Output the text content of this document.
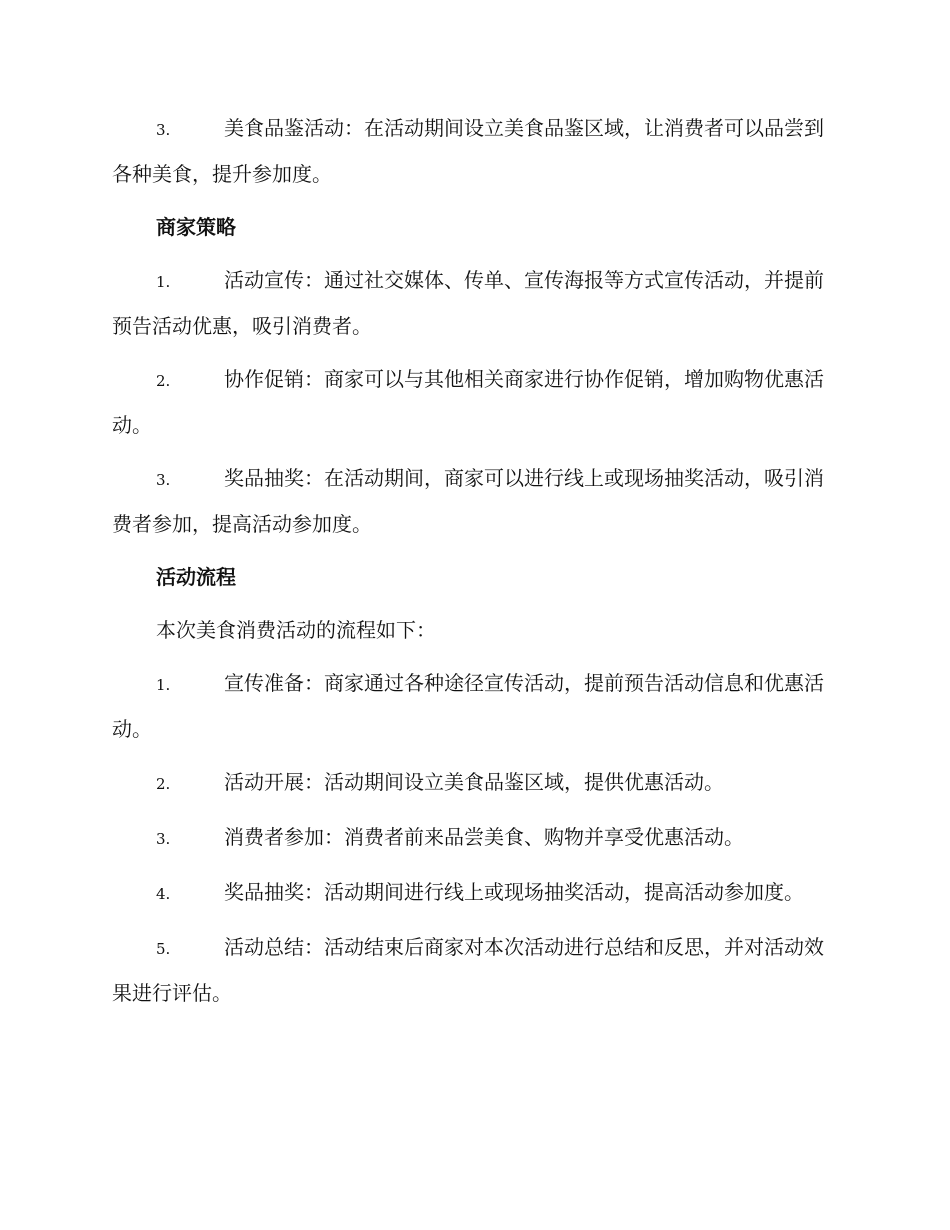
3.	美食品鉴活动：在活动期间设立美食品鉴区域，让消费者可以品尝到各种美食，提升参加度。

商家策略

1.	活动宣传：通过社交媒体、传单、宣传海报等方式宣传活动，并提前预告活动优惠，吸引消费者。

2.	协作促销：商家可以与其他相关商家进行协作促销，增加购物优惠活动。

3.	奖品抽奖：在活动期间，商家可以进行线上或现场抽奖活动，吸引消费者参加，提高活动参加度。

活动流程

本次美食消费活动的流程如下：

1.	宣传准备：商家通过各种途径宣传活动，提前预告活动信息和优惠活动。

2.	活动开展：活动期间设立美食品鉴区域，提供优惠活动。

3.	消费者参加：消费者前来品尝美食、购物并享受优惠活动。

4.	奖品抽奖：活动期间进行线上或现场抽奖活动，提高活动参加度。

5.	活动总结：活动结束后商家对本次活动进行总结和反思，并对活动效果进行评估。
